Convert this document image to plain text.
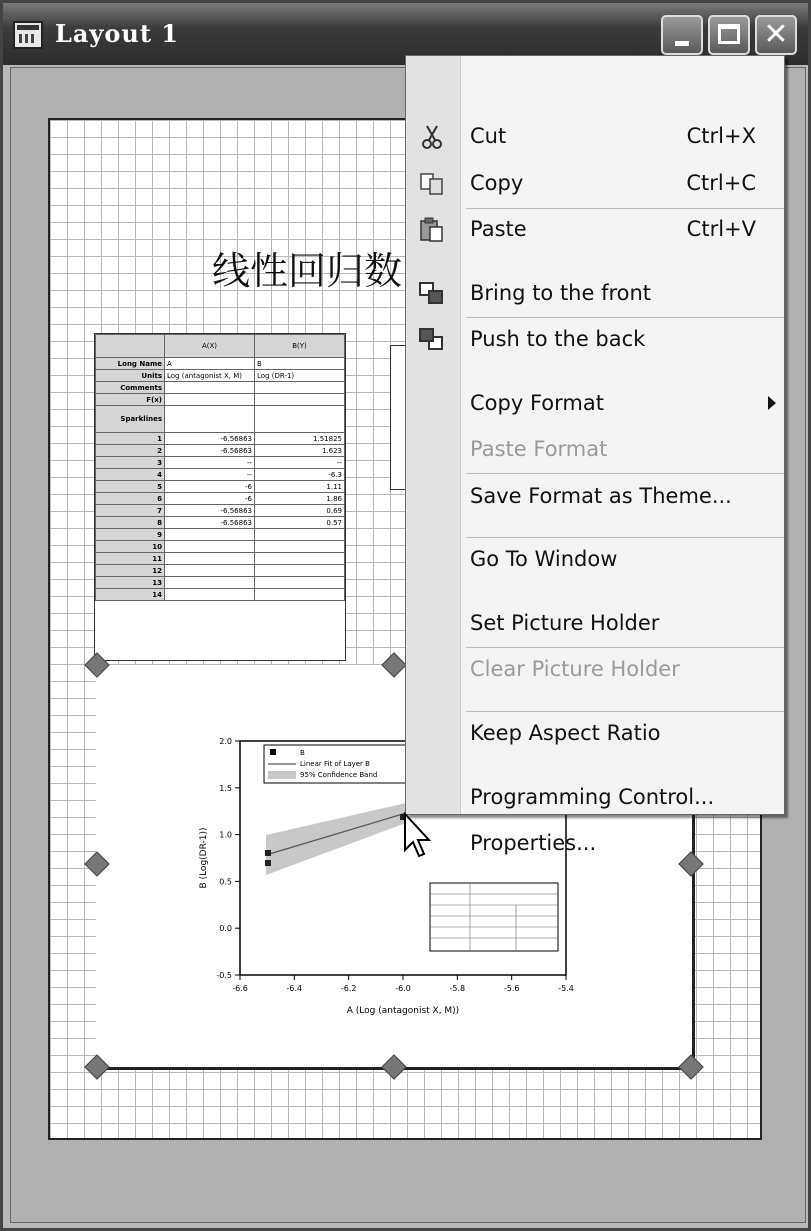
Layout 1	✕
线性回归数
	A(X)	B(Y)
Long Name	A	B
Units	Log (antagonist X, M)	Log (DR-1)
Comments		
F(x)		
Sparklines		
1	-6.56863	1.51825
2	-6.56863	1.623
3	--	--
4	--	-6.3
5	-6	1.11
6	-6	1.86
7	-6.56863	0.69
8	-6.56863	0.57
9		
10		
11		
12		
13		
14		
-6.6	-6.4	-6.2	-6.0	-5.8	-5.6	-5.4
2.0
1.5
1.0
0.5
0.0
-0.5
A (Log (antagonist X, M))
B (Log(DR-1))
B
Linear Fit of Layer B
95% Confidence Band
Cut	Ctrl+X
Copy	Ctrl+C
Paste	Ctrl+V
Bring to the front
Push to the back
Copy Format
Paste Format
Save Format as Theme...
Go To Window
Set Picture Holder
Clear Picture Holder
Keep Aspect Ratio
Programming Control...
Properties...
